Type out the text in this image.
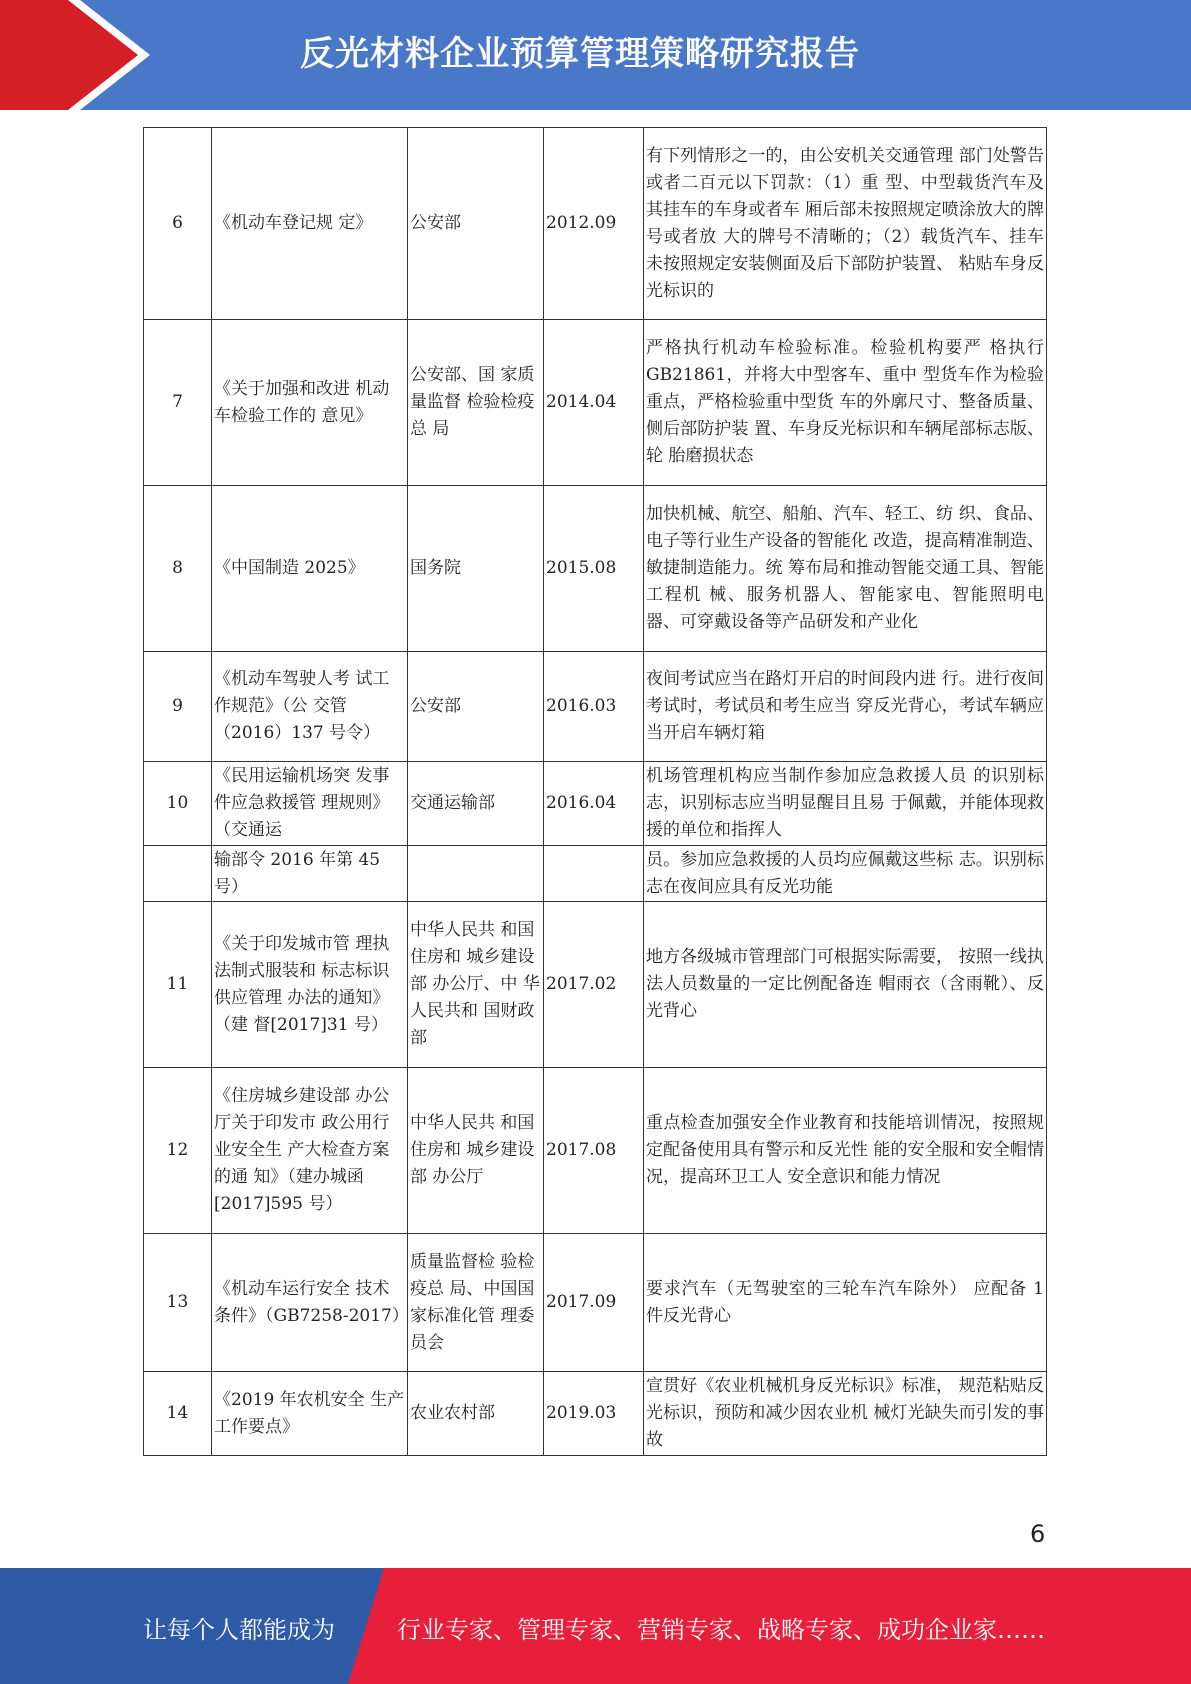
反光材料企业预算管理策略研究报告
6	《机动车登记规 定》	公安部	2012.09	有下列情形之一的，由公安机关交通管理 部门处警告或者二百元以下罚款：（1）重 型、中型载货汽车及其挂车的车身或者车 厢后部未按照规定喷涂放大的牌号或者放 大的牌号不清晰的；（2）载货汽车、挂车 未按照规定安装侧面及后下部防护装置、 粘贴车身反光标识的
7	《关于加强和改进 机动车检验工作的 意见》	公安部、国 家质量监督 检验检疫总 局	2014.04	严格执行机动车检验标准。检验机构要严 格执行 GB21861，并将大中型客车、重中 型货车作为检验重点，严格检验重中型货 车的外廓尺寸、整备质量、侧后部防护装 置、车身反光标识和车辆尾部标志版、轮 胎磨损状态
8	《中国制造 2025》	国务院	2015.08	加快机械、航空、船舶、汽车、轻工、纺 织、食品、电子等行业生产设备的智能化 改造，提高精准制造、敏捷制造能力。统 筹布局和推动智能交通工具、智能工程机 械、服务机器人、智能家电、智能照明电 器、可穿戴设备等产品研发和产业化
9	《机动车驾驶人考 试工作规范》（公 交管（2016）137 号令）	公安部	2016.03	夜间考试应当在路灯开启的时间段内进 行。进行夜间考试时，考试员和考生应当 穿反光背心，考试车辆应当开启车辆灯箱
10	《民用运输机场突 发事件应急救援管 理规则》（交通运	交通运输部	2016.04	机场管理机构应当制作参加应急救援人员 的识别标志，识别标志应当明显醒目且易 于佩戴，并能体现救援的单位和指挥人
	输部令 2016 年第 45 号）			员。参加应急救援的人员均应佩戴这些标 志。识别标志在夜间应具有反光功能
11	《关于印发城市管 理执法制式服装和 标志标识供应管理 办法的通知》（建 督[2017]31 号）	中华人民共 和国住房和 城乡建设部 办公厅、中 华人民共和 国财政部	2017.02	地方各级城市管理部门可根据实际需要， 按照一线执法人员数量的一定比例配备连 帽雨衣（含雨靴）、反光背心
12	《住房城乡建设部 办公厅关于印发市 政公用行业安全生 产大检查方案的通 知》（建办城函 [2017]595 号）	中华人民共 和国住房和 城乡建设部 办公厅	2017.08	重点检查加强安全作业教育和技能培训情况，按照规定配备使用具有警示和反光性 能的安全服和安全帽情况，提高环卫工人 安全意识和能力情况
13	《机动车运行安全 技术条件》（GB7258-2017）	质量监督检 验检疫总 局、中国国 家标准化管 理委员会	2017.09	要求汽车（无驾驶室的三轮车汽车除外） 应配备 1 件反光背心
14	《2019 年农机安全 生产工作要点》	农业农村部	2019.03	宣贯好《农业机械机身反光标识》标准， 规范粘贴反光标识，预防和减少因农业机 械灯光缺失而引发的事故
6
让每个人都能成为	行业专家、管理专家、营销专家、战略专家、成功企业家……
